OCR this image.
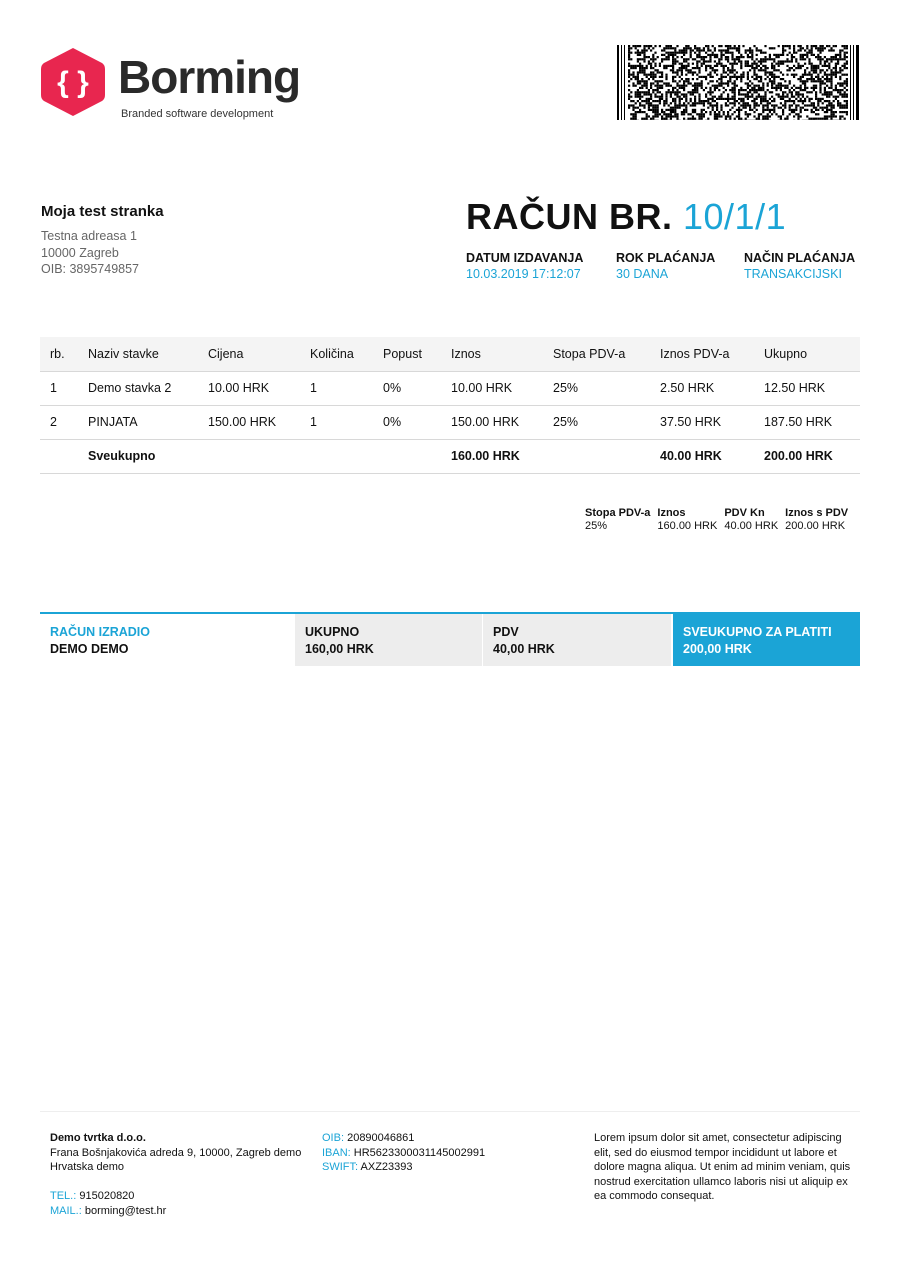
{ } Borming
Branded software development
Moja test stranka
Testna adreasa 1
10000 Zagreb
OIB: 3895749857
RAČUN BR. 10/1/1
DATUM IZDAVANJA
10.03.2019 17:12:07
ROK PLAĆANJA
30 DANA
NAČIN PLAĆANJA
TRANSAKCIJSKI
rb.	Naziv stavke	Cijena	Količina	Popust	Iznos	Stopa PDV-a	Iznos PDV-a	Ukupno
1	Demo stavka 2	10.00 HRK	1	0%	10.00 HRK	25%	2.50 HRK	12.50 HRK
2	PINJATA	150.00 HRK	1	0%	150.00 HRK	25%	37.50 HRK	187.50 HRK
	Sveukupno				160.00 HRK		40.00 HRK	200.00 HRK
Stopa PDV-a	Iznos	PDV Kn	Iznos s PDV
25%	160.00 HRK	40.00 HRK	200.00 HRK
RAČUN IZRADIO
DEMO DEMO
UKUPNO
160,00 HRK
PDV
40,00 HRK
SVEUKUPNO ZA PLATITI
200,00 HRK
Demo tvrtka d.o.o.
Frana Bošnjakovića adreda 9, 10000, Zagreb demo
Hrvatska demo
TEL.: 915020820
MAIL.: borming@test.hr
OIB: 20890046861
IBAN: HR5623300031145002991
SWIFT: AXZ23393
Lorem ipsum dolor sit amet, consectetur adipiscing elit, sed do eiusmod tempor incididunt ut labore et dolore magna aliqua. Ut enim ad minim veniam, quis nostrud exercitation ullamco laboris nisi ut aliquip ex ea commodo consequat.
